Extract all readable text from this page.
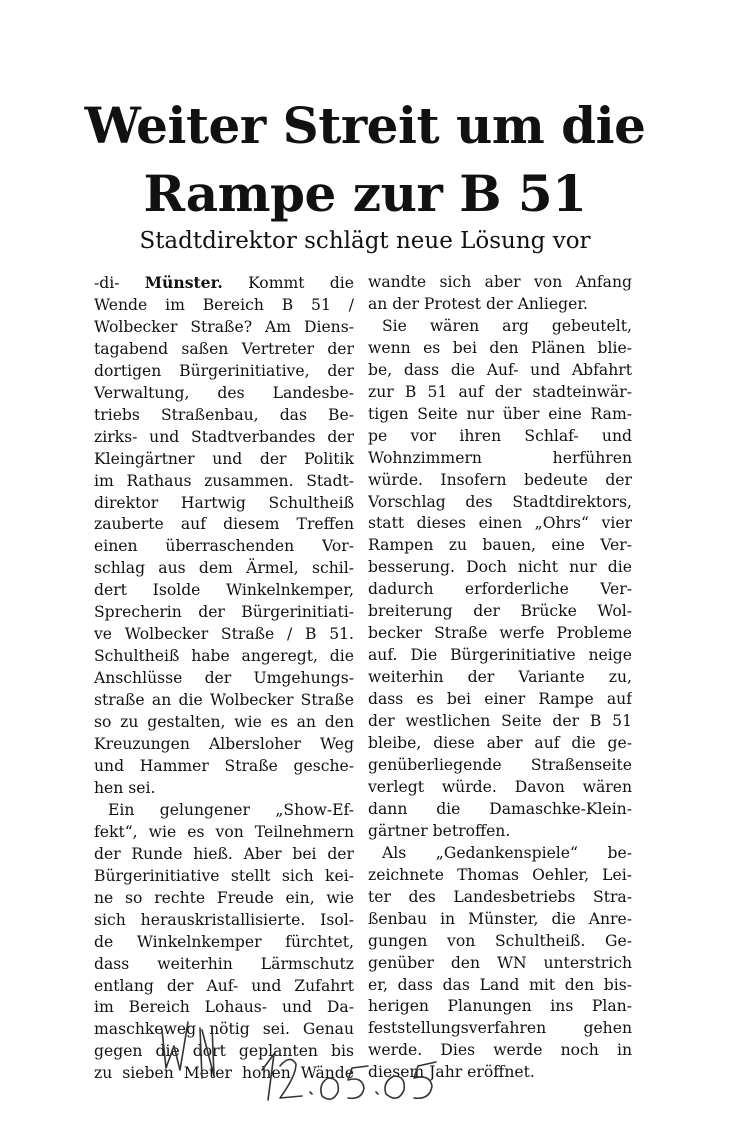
Weiter Streit um die
Rampe zur B 51

Stadtdirektor schlägt neue Lösung vor

-di- Münster. Kommt die
Wende im Bereich B 51 /
Wolbecker Straße? Am Diens-
tagabend saßen Vertreter der
dortigen Bürgerinitiative, der
Verwaltung, des Landesbe-
triebs Straßenbau, das Be-
zirks- und Stadtverbandes der
Kleingärtner und der Politik
im Rathaus zusammen. Stadt-
direktor Hartwig Schultheiß
zauberte auf diesem Treffen
einen überraschenden Vor-
schlag aus dem Ärmel, schil-
dert Isolde Winkelnkemper,
Sprecherin der Bürgerinitiati-
ve Wolbecker Straße / B 51.
Schultheiß habe angeregt, die
Anschlüsse der Umgehungs-
straße an die Wolbecker Straße
so zu gestalten, wie es an den
Kreuzungen Albersloher Weg
und Hammer Straße gesche-
hen sei.
Ein gelungener „Show-Ef-
fekt“, wie es von Teilnehmern
der Runde hieß. Aber bei der
Bürgerinitiative stellt sich kei-
ne so rechte Freude ein, wie
sich herauskristallisierte. Isol-
de Winkelnkemper fürchtet,
dass weiterhin Lärmschutz
entlang der Auf- und Zufahrt
im Bereich Lohaus- und Da-
maschkeweg nötig sei. Genau
gegen die dort geplanten bis
zu sieben Meter hohen Wände
wandte sich aber von Anfang
an der Protest der Anlieger.
Sie wären arg gebeutelt,
wenn es bei den Plänen blie-
be, dass die Auf- und Abfahrt
zur B 51 auf der stadteinwär-
tigen Seite nur über eine Ram-
pe vor ihren Schlaf- und
Wohnzimmern herführen
würde. Insofern bedeute der
Vorschlag des Stadtdirektors,
statt dieses einen „Ohrs“ vier
Rampen zu bauen, eine Ver-
besserung. Doch nicht nur die
dadurch erforderliche Ver-
breiterung der Brücke Wol-
becker Straße werfe Probleme
auf. Die Bürgerinitiative neige
weiterhin der Variante zu,
dass es bei einer Rampe auf
der westlichen Seite der B 51
bleibe, diese aber auf die ge-
genüberliegende Straßenseite
verlegt würde. Davon wären
dann die Damaschke-Klein-
gärtner betroffen.
Als „Gedankenspiele“ be-
zeichnete Thomas Oehler, Lei-
ter des Landesbetriebs Stra-
ßenbau in Münster, die Anre-
gungen von Schultheiß. Ge-
genüber den WN unterstrich
er, dass das Land mit den bis-
herigen Planungen ins Plan-
feststellungsverfahren gehen
werde. Dies werde noch in
diesem Jahr eröffnet.
